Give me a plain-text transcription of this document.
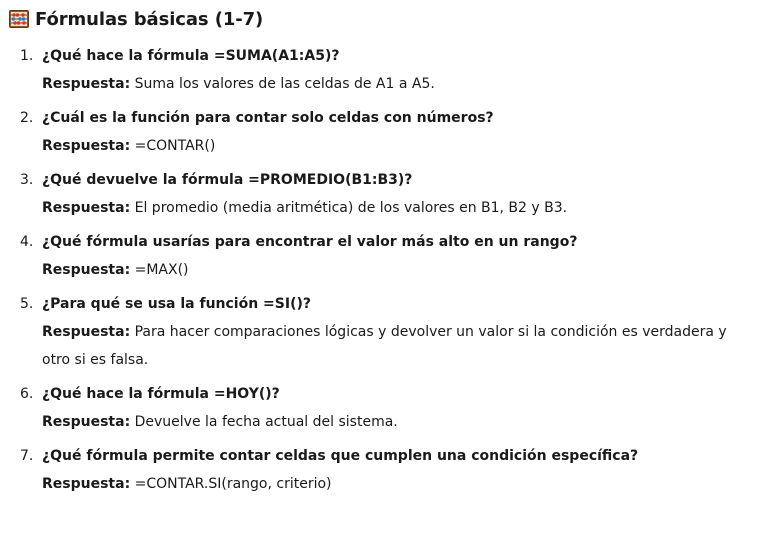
Fórmulas básicas (1-7)
1. ¿Qué hace la fórmula =SUMA(A1:A5)?
Respuesta: Suma los valores de las celdas de A1 a A5.
2. ¿Cuál es la función para contar solo celdas con números?
Respuesta: =CONTAR()
3. ¿Qué devuelve la fórmula =PROMEDIO(B1:B3)?
Respuesta: El promedio (media aritmética) de los valores en B1, B2 y B3.
4. ¿Qué fórmula usarías para encontrar el valor más alto en un rango?
Respuesta: =MAX()
5. ¿Para qué se usa la función =SI()?
Respuesta: Para hacer comparaciones lógicas y devolver un valor si la condición es verdadera y otro si es falsa.
6. ¿Qué hace la fórmula =HOY()?
Respuesta: Devuelve la fecha actual del sistema.
7. ¿Qué fórmula permite contar celdas que cumplen una condición específica?
Respuesta: =CONTAR.SI(rango, criterio)
